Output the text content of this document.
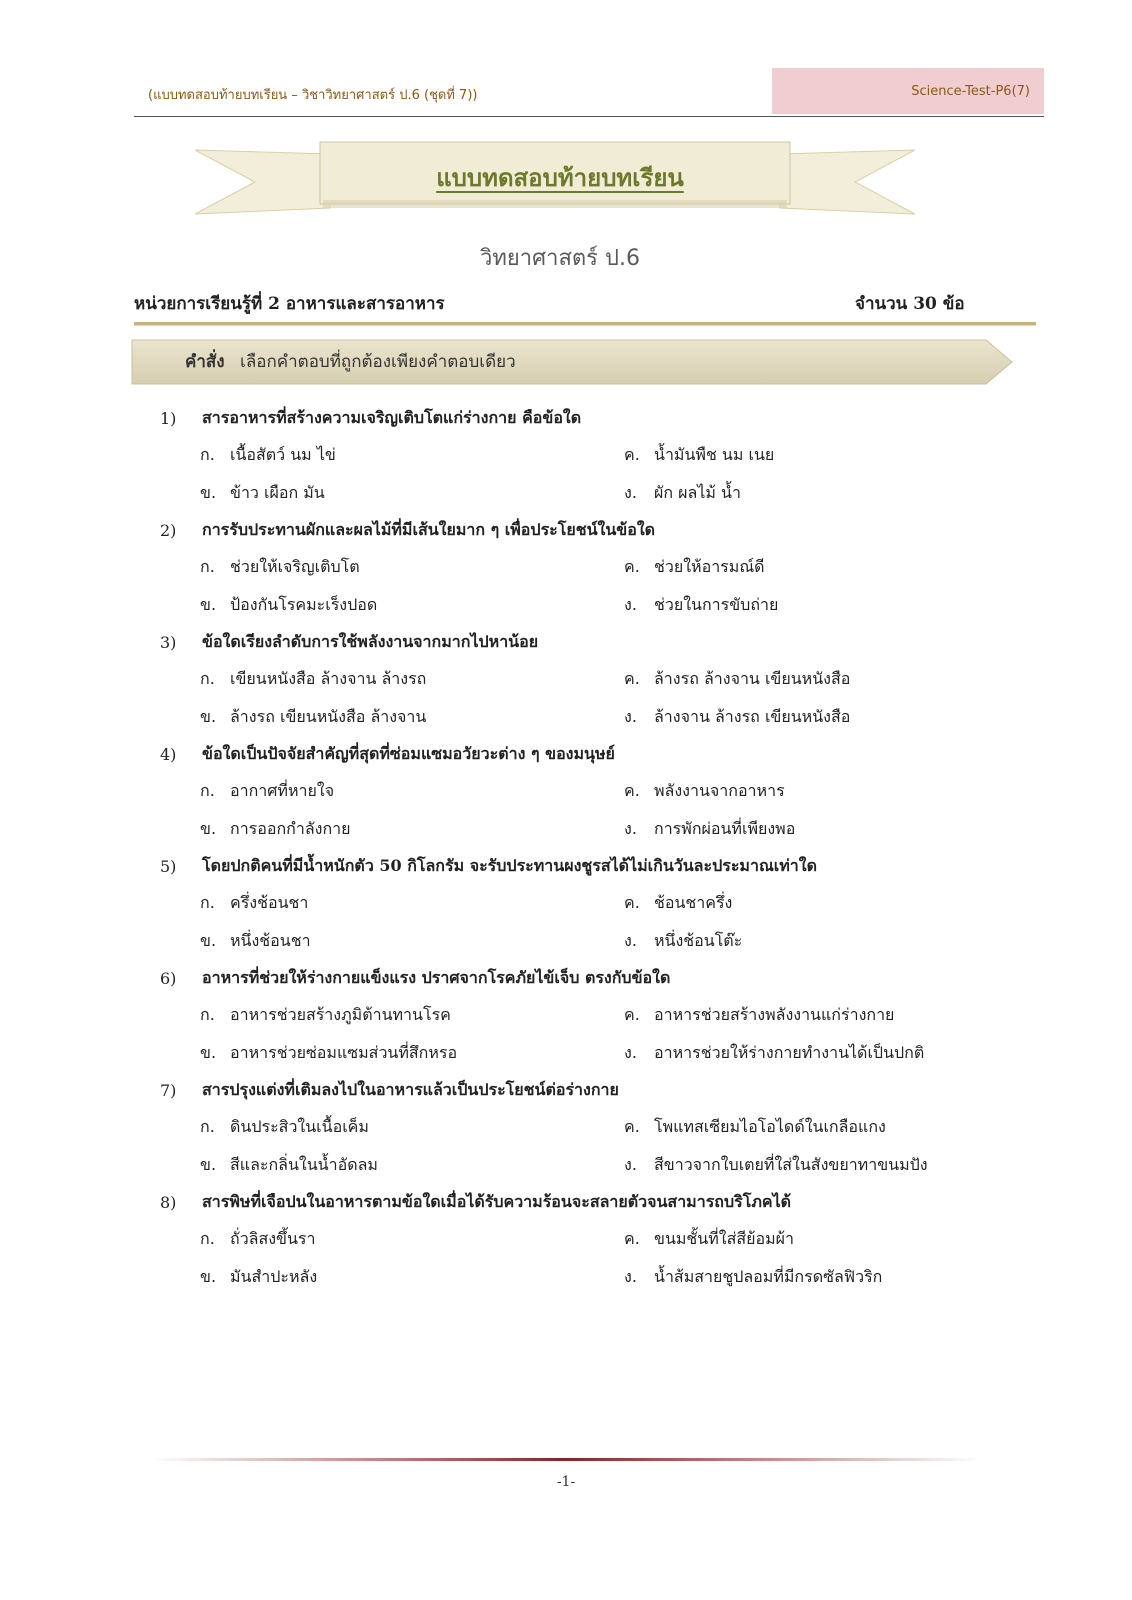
(แบบทดสอบท้ายบทเรียน – วิชาวิทยาศาสตร์ ป.6 (ชุดที่ 7))	Science-Test-P6(7)
แบบทดสอบท้ายบทเรียน
วิทยาศาสตร์ ป.6
หน่วยการเรียนรู้ที่ 2 อาหารและสารอาหาร	จำนวน 30 ข้อ
คำสั่ง เลือกคำตอบที่ถูกต้องเพียงคำตอบเดียว
1)	สารอาหารที่สร้างความเจริญเติบโตแก่ร่างกาย คือข้อใด
ก. เนื้อสัตว์ นม ไข่	ค. น้ำมันพืช นม เนย
ข. ข้าว เผือก มัน	ง.	ผัก ผลไม้ น้ำ
2)	การรับประทานผักและผลไม้ที่มีเส้นใยมาก ๆ เพื่อประโยชน์ในข้อใด
ก. ช่วยให้เจริญเติบโต	ค. ช่วยให้อารมณ์ดี
ข. ป้องกันโรคมะเร็งปอด	ง.	ช่วยในการขับถ่าย
3)	ข้อใดเรียงลำดับการใช้พลังงานจากมากไปหาน้อย
ก. เขียนหนังสือ ล้างจาน ล้างรถ	ค. ล้างรถ ล้างจาน เขียนหนังสือ
ข. ล้างรถ เขียนหนังสือ ล้างจาน	ง.	ล้างจาน ล้างรถ เขียนหนังสือ
4)	ข้อใดเป็นปัจจัยสำคัญที่สุดที่ซ่อมแซมอวัยวะต่าง ๆ ของมนุษย์
ก. อากาศที่หายใจ	ค. พลังงานจากอาหาร
ข. การออกกำลังกาย	ง.	การพักผ่อนที่เพียงพอ
5)	โดยปกติคนที่มีน้ำหนักตัว 50 กิโลกรัม จะรับประทานผงชูรสได้ไม่เกินวันละประมาณเท่าใด
ก. ครึ่งช้อนชา	ค. ช้อนชาครึ่ง
ข. หนึ่งช้อนชา	ง.	หนึ่งช้อนโต๊ะ
6)	อาหารที่ช่วยให้ร่างกายแข็งแรง ปราศจากโรคภัยไข้เจ็บ ตรงกับข้อใด
ก. อาหารช่วยสร้างภูมิต้านทานโรค	ค. อาหารช่วยสร้างพลังงานแก่ร่างกาย
ข. อาหารช่วยซ่อมแซมส่วนที่สึกหรอ	ง.	อาหารช่วยให้ร่างกายทำงานได้เป็นปกติ
7)	สารปรุงแต่งที่เติมลงไปในอาหารแล้วเป็นประโยชน์ต่อร่างกาย
ก. ดินประสิวในเนื้อเค็ม	ค. โพแทสเซียมไอโอไดด์ในเกลือแกง
ข. สีและกลิ่นในน้ำอัดลม	ง.	สีขาวจากใบเตยที่ใส่ในสังขยาทาขนมปัง
8)	สารพิษที่เจือปนในอาหารตามข้อใดเมื่อได้รับความร้อนจะสลายตัวจนสามารถบริโภคได้
ก. ถั่วลิสงขึ้นรา	ค. ขนมชั้นที่ใส่สีย้อมผ้า
ข. มันสำปะหลัง	ง.	น้ำส้มสายชูปลอมที่มีกรดซัลฟิวริก
-1-
